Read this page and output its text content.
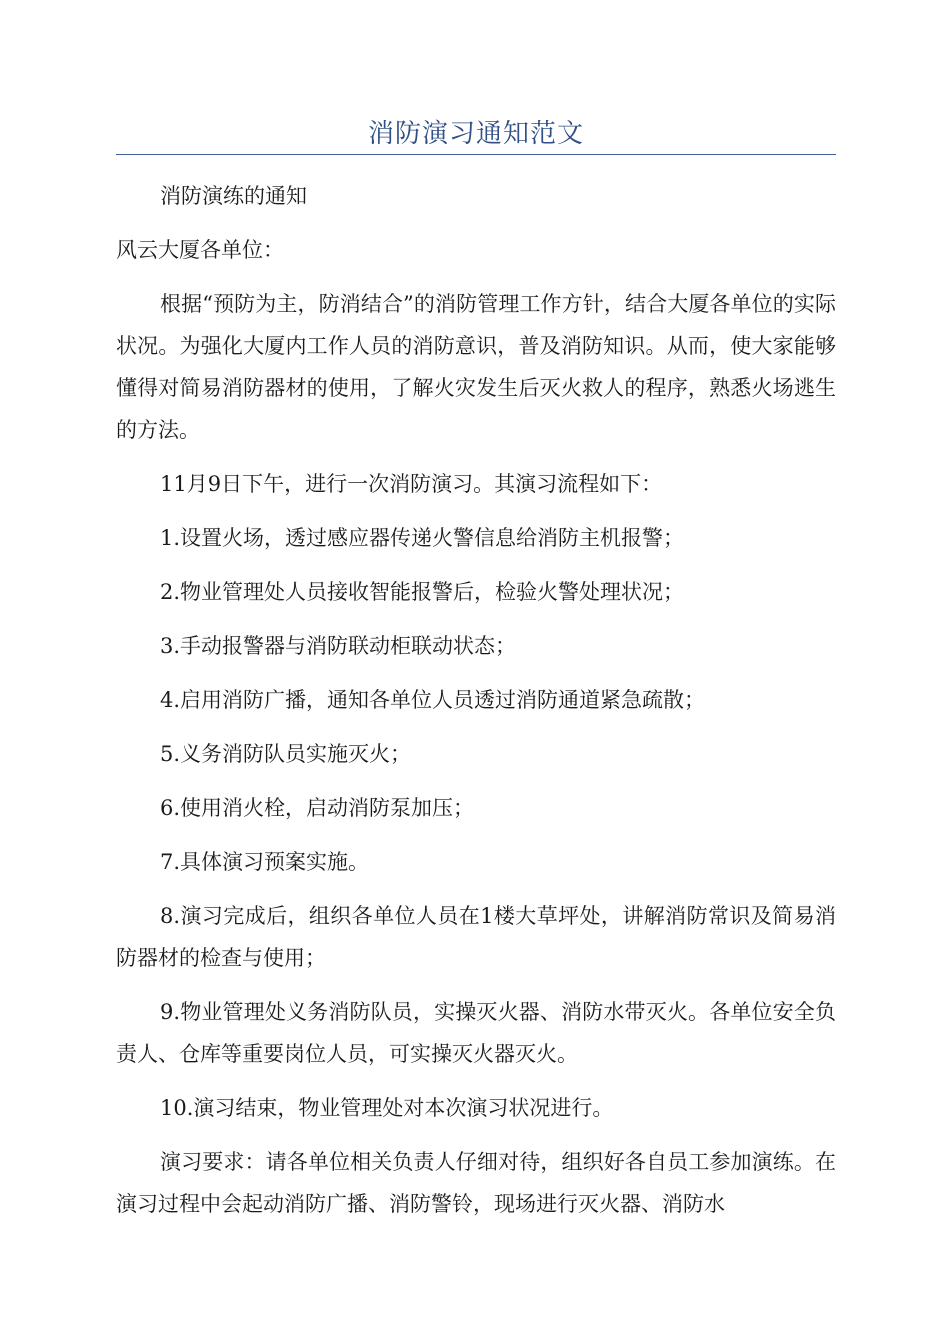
消防演习通知范文

消防演练的通知

风云大厦各单位：

根据“预防为主，防消结合”的消防管理工作方针，结合大厦各单位的实际状况。为强化大厦内工作人员的消防意识，普及消防知识。从而，使大家能够懂得对简易消防器材的使用，了解火灾发生后灭火救人的程序，熟悉火场逃生的方法。

11月9日下午，进行一次消防演习。其演习流程如下：

1.设置火场，透过感应器传递火警信息给消防主机报警；

2.物业管理处人员接收智能报警后，检验火警处理状况；

3.手动报警器与消防联动柜联动状态；

4.启用消防广播，通知各单位人员透过消防通道紧急疏散；

5.义务消防队员实施灭火；

6.使用消火栓，启动消防泵加压；

7.具体演习预案实施。

8.演习完成后，组织各单位人员在1楼大草坪处，讲解消防常识及简易消防器材的检查与使用；

9.物业管理处义务消防队员，实操灭火器、消防水带灭火。各单位安全负责人、仓库等重要岗位人员，可实操灭火器灭火。

10.演习结束，物业管理处对本次演习状况进行。

演习要求：请各单位相关负责人仔细对待，组织好各自员工参加演练。在演习过程中会起动消防广播、消防警铃，现场进行灭火器、消防水
